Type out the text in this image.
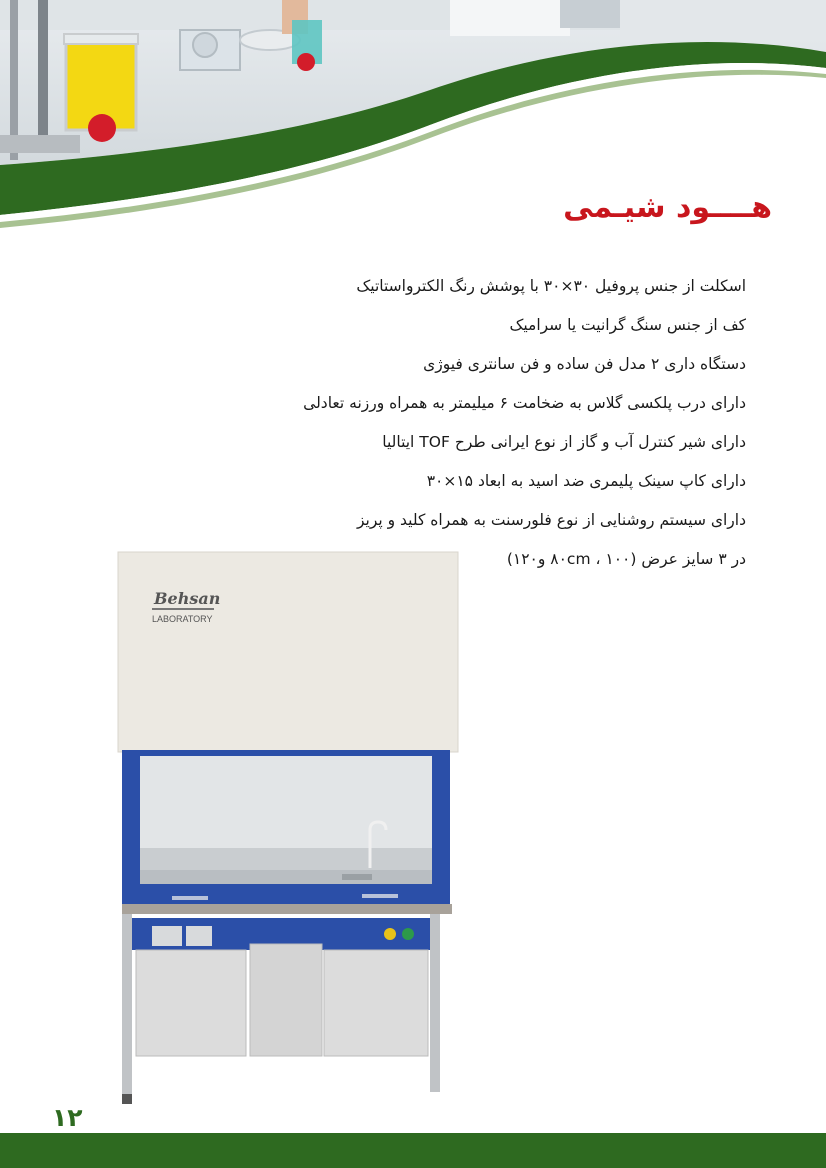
هــــود شیـمی
اسکلت از جنس پروفیل ۳۰×۳۰ با پوشش رنگ الکترواستاتیک
کف از جنس سنگ گرانیت یا سرامیک
دستگاه داری ۲ مدل فن ساده و فن سانتری فیوژی
دارای درب پلکسی گلاس به ضخامت ۶ میلیمتر به همراه ورزنه تعادلی
دارای شیر کنترل آب و گاز از نوع ایرانی طرح TOF ایتالیا
دارای کاپ سینک پلیمری ضد اسید به ابعاد ۱۵×۳۰
دارای سیستم روشنایی از نوع فلورسنت به همراه کلید و پریز
در ۳ سایز عرض (۸۰cm ، ۱۰۰ و۱۲۰)
Behsan
LABORATORY
۱۲
